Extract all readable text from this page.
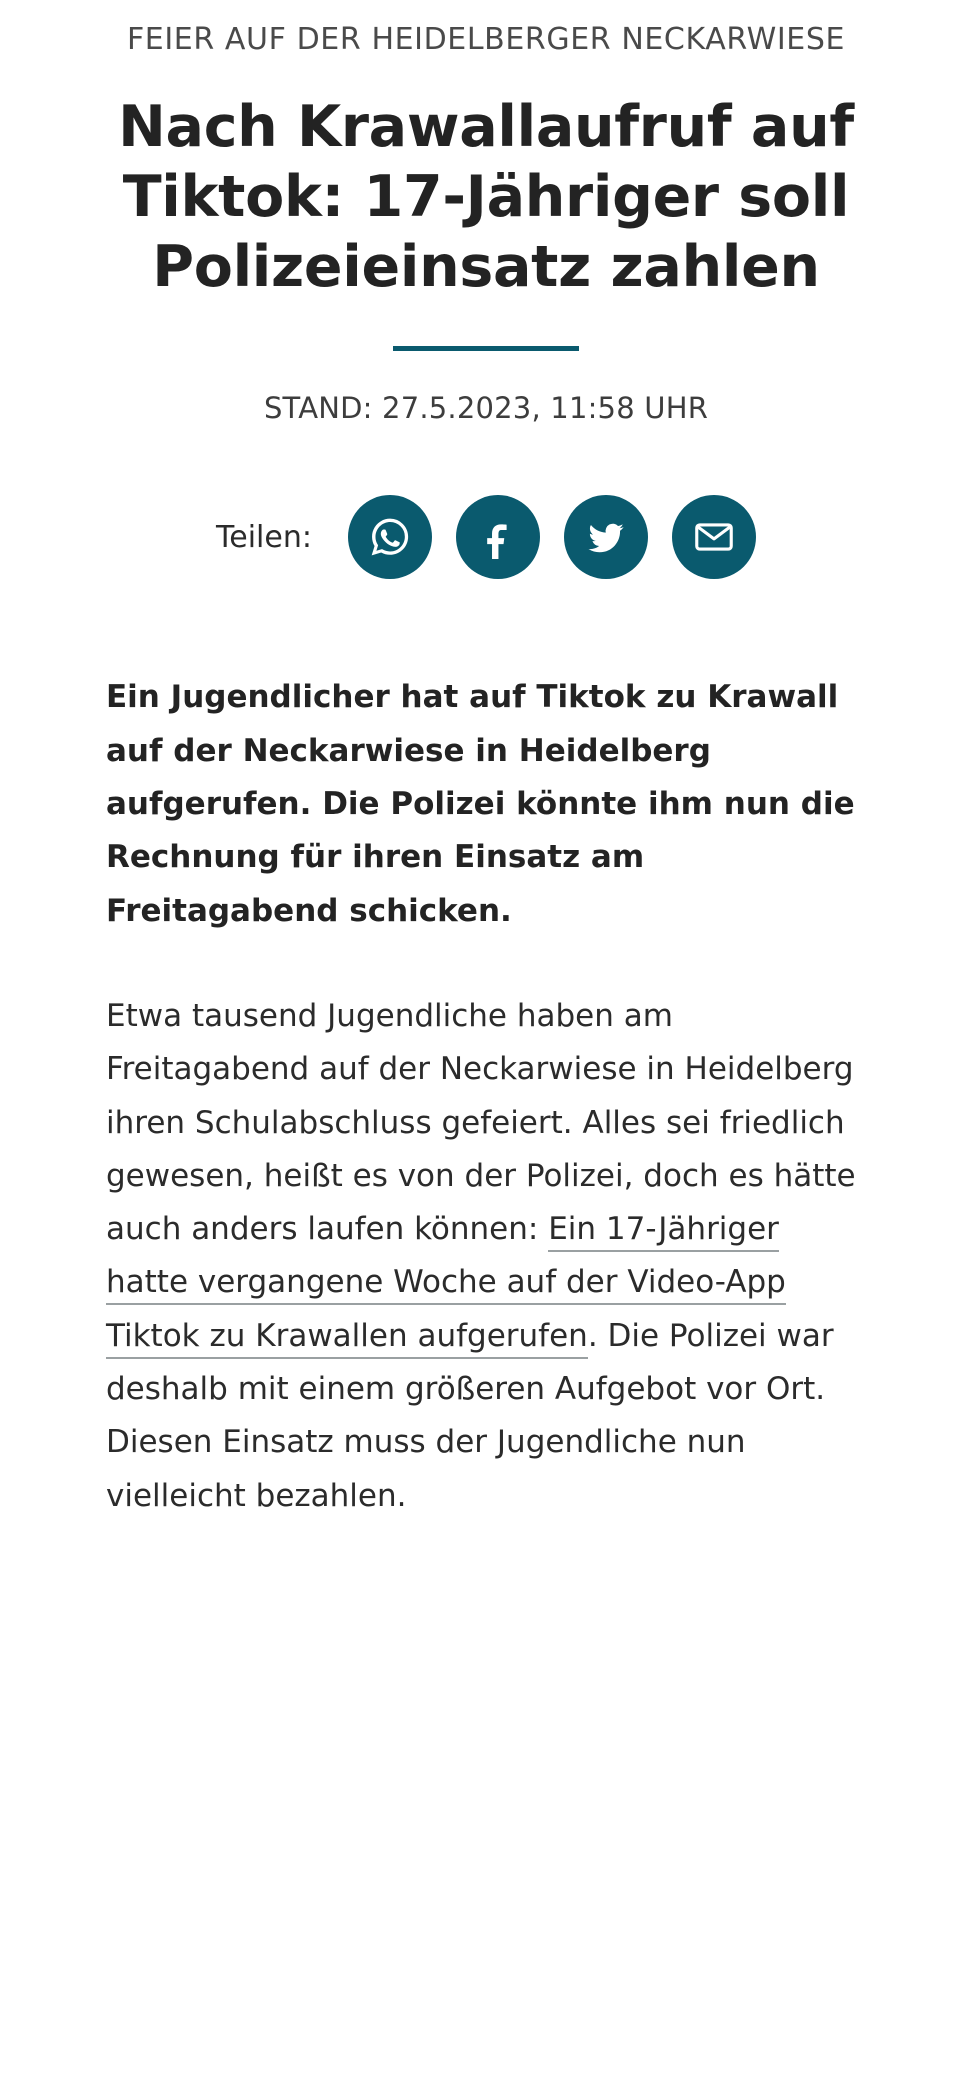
FEIER AUF DER HEIDELBERGER NECKARWIESE
Nach Krawallaufruf auf Tiktok: 17-Jähriger soll Polizeieinsatz zahlen
STAND: 27.5.2023, 11:58 UHR
Teilen:

Ein Jugendlicher hat auf Tiktok zu Krawall auf der Neckarwiese in Heidelberg aufgerufen. Die Polizei könnte ihm nun die Rechnung für ihren Einsatz am Freitagabend schicken.

Etwa tausend Jugendliche haben am Freitagabend auf der Neckarwiese in Heidelberg ihren Schulabschluss gefeiert. Alles sei friedlich gewesen, heißt es von der Polizei, doch es hätte auch anders laufen können: Ein 17-Jähriger hatte vergangene Woche auf der Video-App Tiktok zu Krawallen aufgerufen. Die Polizei war deshalb mit einem größeren Aufgebot vor Ort. Diesen Einsatz muss der Jugendliche nun vielleicht bezahlen.
